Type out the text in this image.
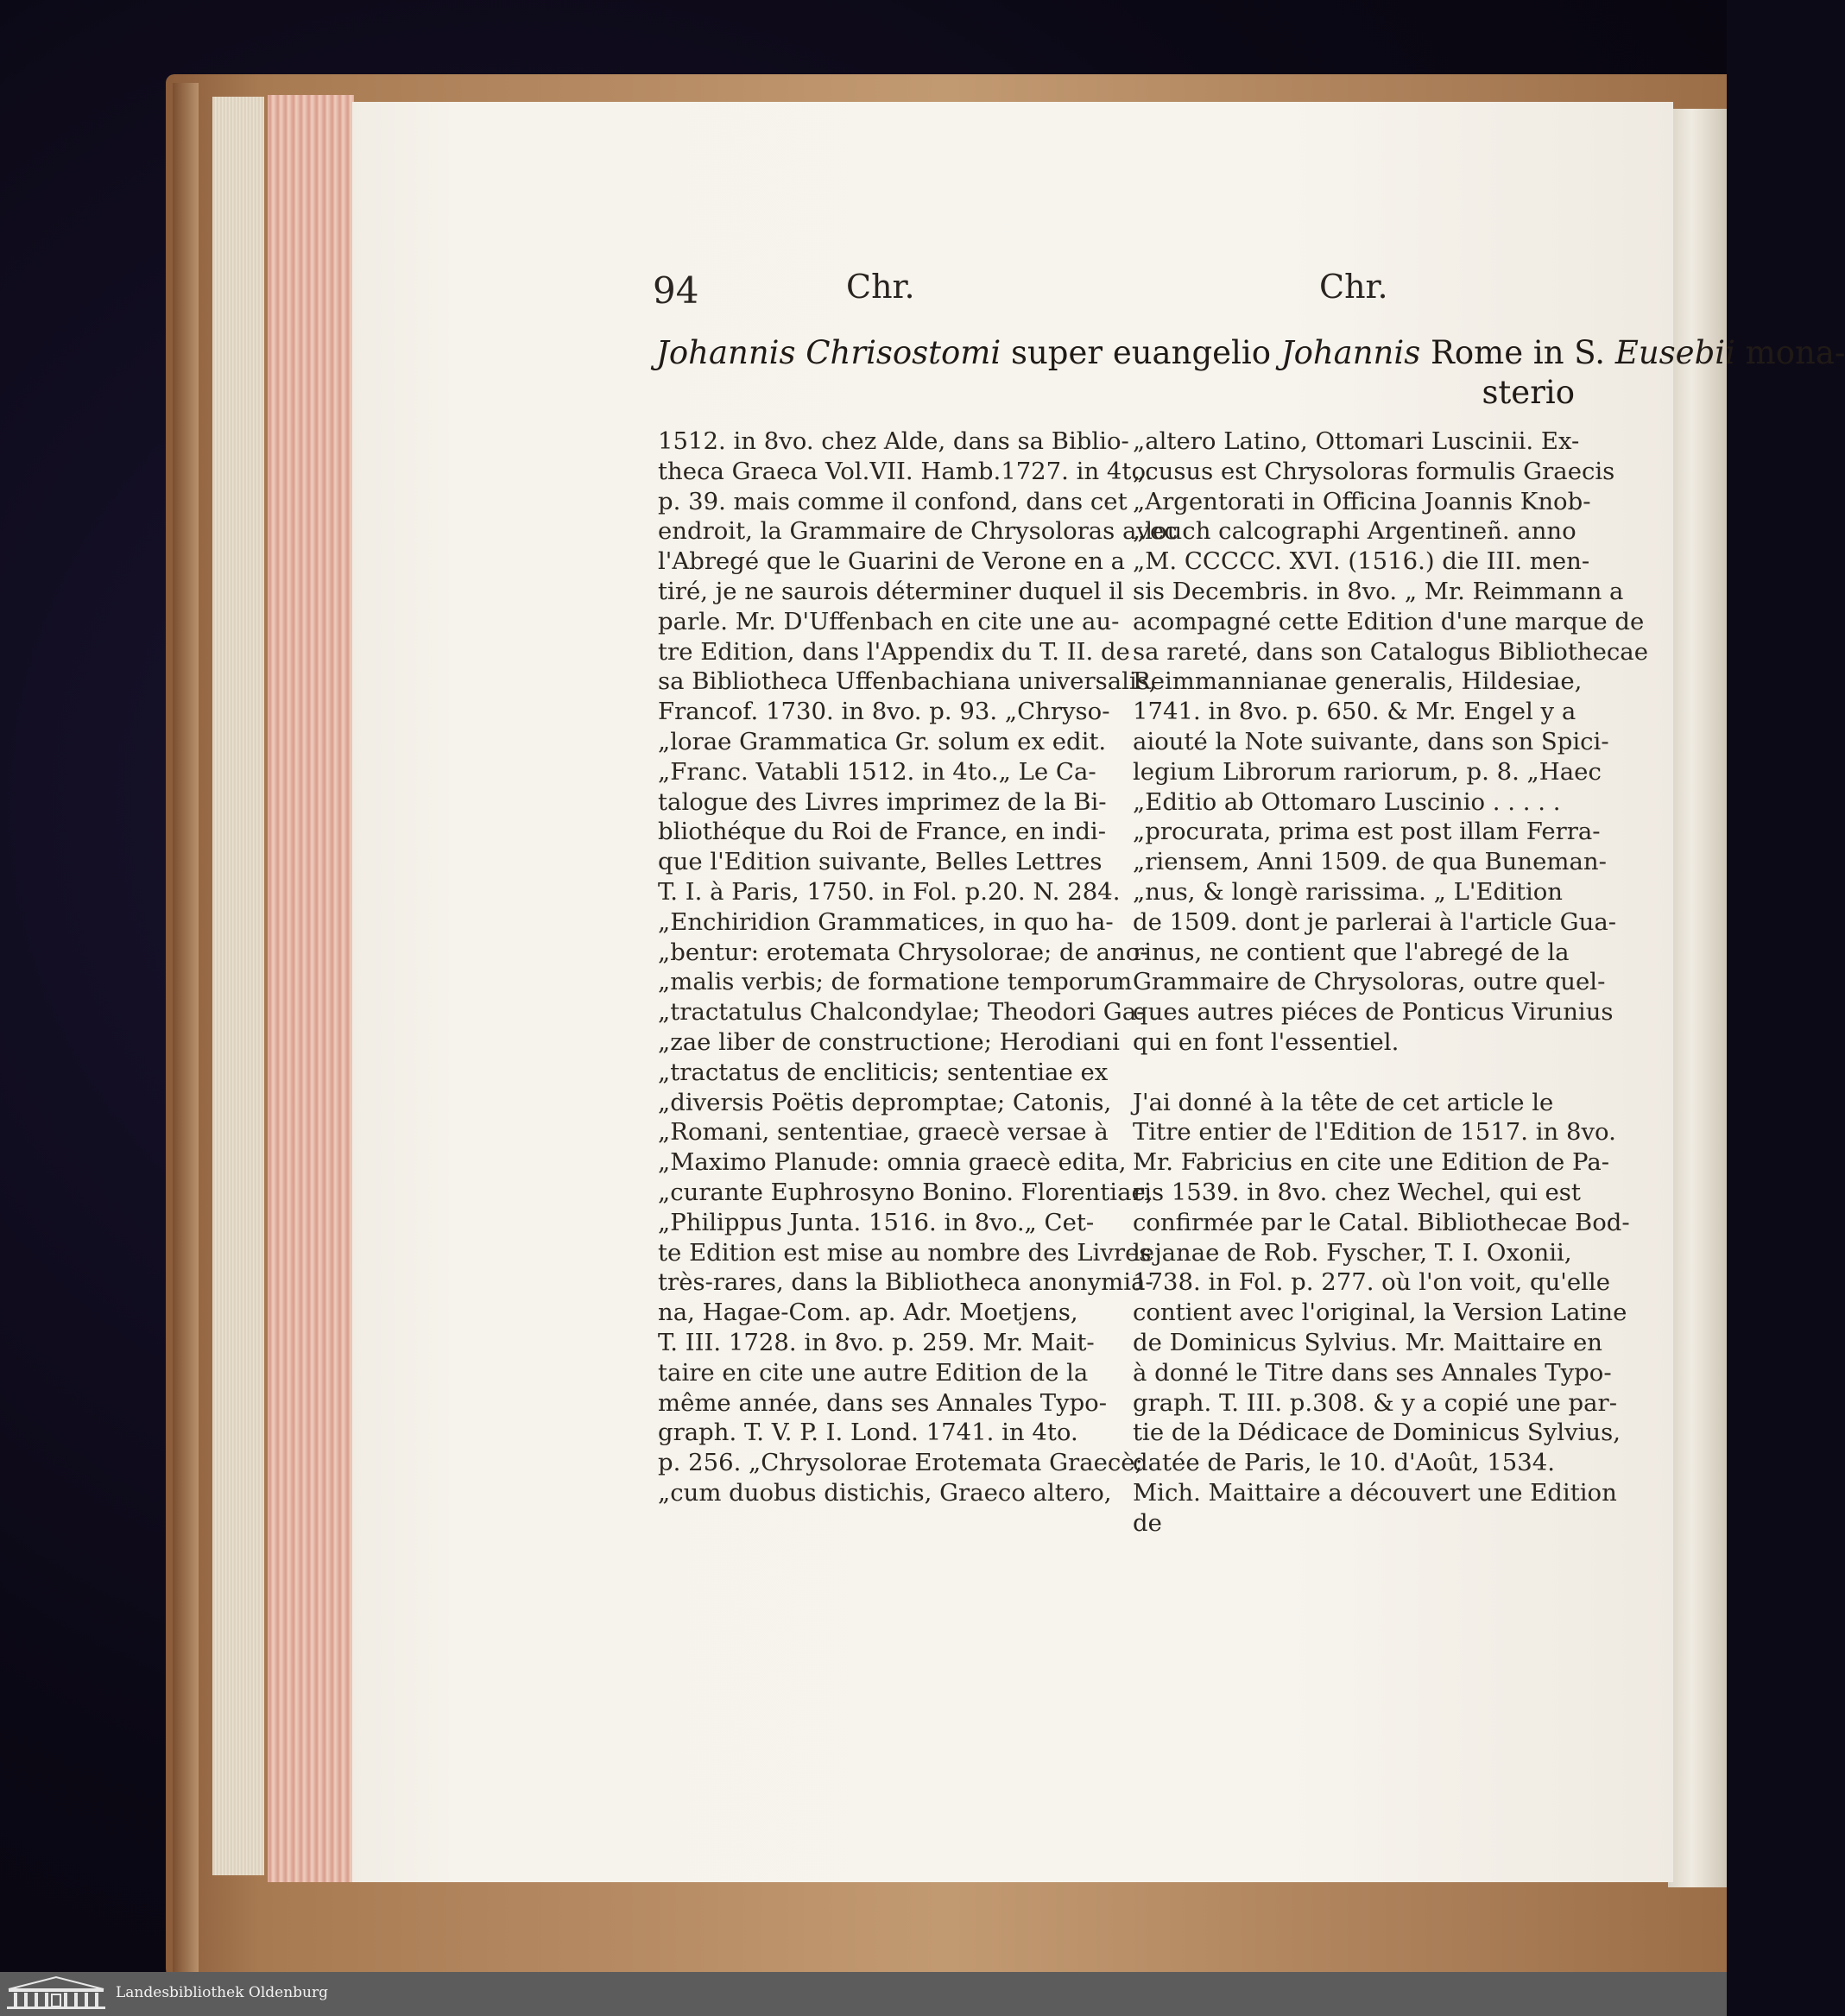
94	Chr.	Chr.
Johannis Chrisostomi super euangelio Johannis Rome in S. Eusebii mona-
sterio
1512. in 8vo. chez Alde, dans sa Biblio-
theca Graeca Vol.VII. Hamb.1727. in 4to.
p. 39. mais comme il confond, dans cet
endroit, la Grammaire de Chrysoloras avec
l'Abregé que le Guarini de Verone en a
tiré, je ne saurois déterminer duquel il
parle. Mr. D'Uffenbach en cite une au-
tre Edition, dans l'Appendix du T. II. de
sa Bibliotheca Uffenbachiana universalis,
Francof. 1730. in 8vo. p. 93. „Chryso-
„lorae Grammatica Gr. solum ex edit.
„Franc. Vatabli 1512. in 4to.„ Le Ca-
talogue des Livres imprimez de la Bi-
bliothéque du Roi de France, en indi-
que l'Edition suivante, Belles Lettres
T. I. à Paris, 1750. in Fol. p.20. N. 284.
„Enchiridion Grammatices, in quo ha-
„bentur: erotemata Chrysolorae; de ano-
„malis verbis; de formatione temporum
„tractatulus Chalcondylae; Theodori Ga-
„zae liber de constructione; Herodiani
„tractatus de encliticis; sententiae ex
„diversis Poëtis depromptae; Catonis,
„Romani, sententiae, graecè versae à
„Maximo Planude: omnia graecè edita,
„curante Euphrosyno Bonino. Florentiae,
„Philippus Junta. 1516. in 8vo.„ Cet-
te Edition est mise au nombre des Livres
très-rares, dans la Bibliotheca anonymia-
na, Hagae-Com. ap. Adr. Moetjens,
T. III. 1728. in 8vo. p. 259. Mr. Mait-
taire en cite une autre Edition de la
même année, dans ses Annales Typo-
graph. T. V. P. I. Lond. 1741. in 4to.
p. 256. „Chrysolorae Erotemata Graecè;
„cum duobus distichis, Graeco altero,
„altero Latino, Ottomari Luscinii. Ex-
„cusus est Chrysoloras formulis Graecis
„Argentorati in Officina Joannis Knob-
„louch calcographi Argentineñ. anno
„M. CCCCC. XVI. (1516.) die III. men-
sis Decembris. in 8vo. „ Mr. Reimmann a
acompagné cette Edition d'une marque de
sa rareté, dans son Catalogus Bibliothecae
Reimmannianae generalis, Hildesiae,
1741. in 8vo. p. 650. & Mr. Engel y a
aiouté la Note suivante, dans son Spici-
legium Librorum rariorum, p. 8. „Haec
„Editio ab Ottomaro Luscinio . . . . .
„procurata, prima est post illam Ferra-
„riensem, Anni 1509. de qua Buneman-
„nus, & longè rarissima. „ L'Edition
de 1509. dont je parlerai à l'article Gua-
rinus, ne contient que l'abregé de la
Grammaire de Chrysoloras, outre quel-
ques autres piéces de Ponticus Virunius
qui en font l'essentiel.
J'ai donné à la tête de cet article le
Titre entier de l'Edition de 1517. in 8vo.
Mr. Fabricius en cite une Edition de Pa-
ris 1539. in 8vo. chez Wechel, qui est
confirmée par le Catal. Bibliothecae Bod-
lejanae de Rob. Fyscher, T. I. Oxonii,
1738. in Fol. p. 277. où l'on voit, qu'elle
contient avec l'original, la Version Latine
de Dominicus Sylvius. Mr. Maittaire en
à donné le Titre dans ses Annales Typo-
graph. T. III. p.308. & y a copié une par-
tie de la Dédicace de Dominicus Sylvius,
datée de Paris, le 10. d'Août, 1534.
Mich. Maittaire a découvert une Edition
de
Landesbibliothek Oldenburg
